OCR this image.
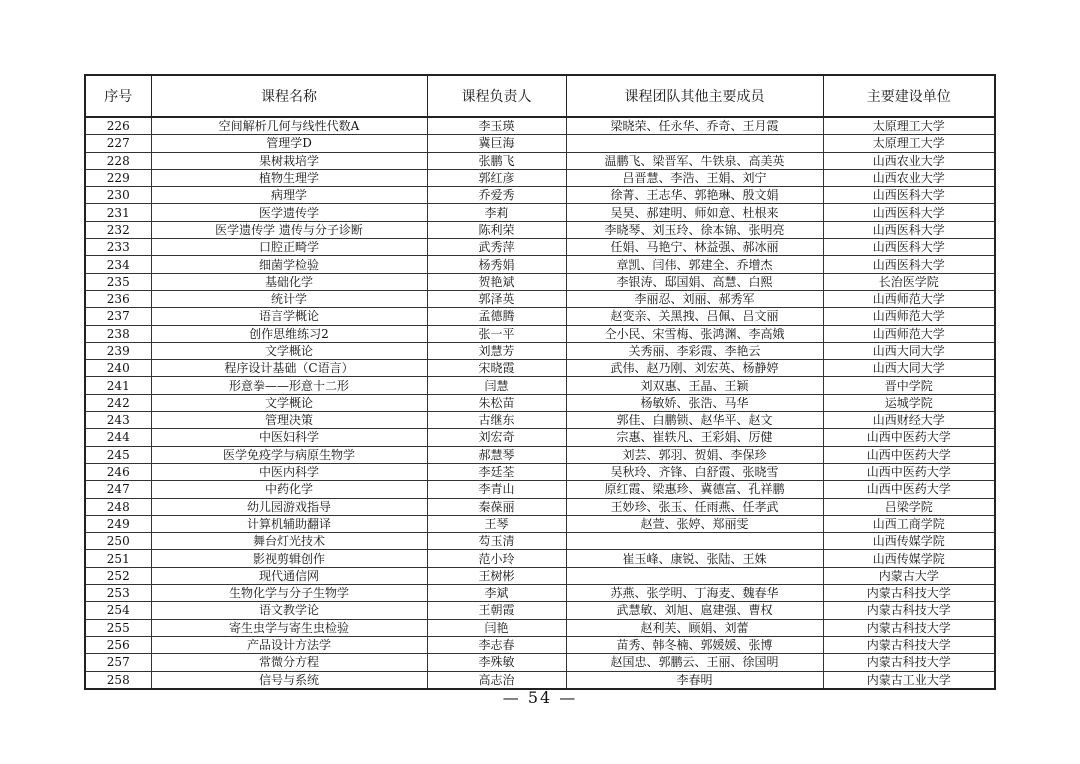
序号	课程名称	课程负责人	课程团队其他主要成员	主要建设单位
226	空间解析几何与线性代数A	李玉瑛	梁晓荣、任永华、乔奇、王月霞	太原理工大学
227	管理学D	冀巨海		太原理工大学
228	果树栽培学	张鹏飞	温鹏飞、梁晋军、牛铁泉、高美英	山西农业大学
229	植物生理学	郭红彦	吕晋慧、李浩、王娟、刘宁	山西农业大学
230	病理学	乔爱秀	徐菁、王志华、郭艳琳、殷文娟	山西医科大学
231	医学遗传学	李莉	吴昊、郝建明、师如意、杜根来	山西医科大学
232	医学遗传学 遗传与分子诊断	陈利荣	李晓琴、刘玉玲、徐本锦、张明亮	山西医科大学
233	口腔正畸学	武秀萍	任娟、马艳宁、林益强、郝冰丽	山西医科大学
234	细菌学检验	杨秀娟	章凯、闫伟、郭建全、乔增杰	山西医科大学
235	基础化学	贺艳斌	李银涛、邸国娟、高慧、白熙	长治医学院
236	统计学	郭泽英	李丽忍、刘丽、郝秀军	山西师范大学
237	语言学概论	孟德腾	赵变亲、关黑拽、吕佩、吕文丽	山西师范大学
238	创作思维练习2	张一平	仝小民、宋雪梅、张鸿渊、李高娥	山西师范大学
239	文学概论	刘慧芳	关秀丽、李彩霞、李艳云	山西大同大学
240	程序设计基础（C语言）	宋晓霞	武伟、赵乃刚、刘宏英、杨静婷	山西大同大学
241	形意拳——形意十二形	闫慧	刘双惠、王晶、王颖	晋中学院
242	文学概论	朱松苗	杨敏娇、张浩、马华	运城学院
243	管理决策	古继东	郭佳、白鹏锁、赵华平、赵文	山西财经大学
244	中医妇科学	刘宏奇	宗惠、崔轶凡、王彩娟、厉健	山西中医药大学
245	医学免疫学与病原生物学	郝慧琴	刘芸、郭羽、贺娟、李保珍	山西中医药大学
246	中医内科学	李廷荃	吴秋玲、齐锋、白舒霞、张晓雪	山西中医药大学
247	中药化学	李青山	原红霞、梁惠珍、冀德富、孔祥鹏	山西中医药大学
248	幼儿园游戏指导	秦葆丽	王妙珍、张玉、任雨燕、任孝武	吕梁学院
249	计算机辅助翻译	王琴	赵萱、张婷、郑丽雯	山西工商学院
250	舞台灯光技术	芶玉清		山西传媒学院
251	影视剪辑创作	范小玲	崔玉峰、康锐、张陆、王姝	山西传媒学院
252	现代通信网	王树彬		内蒙古大学
253	生物化学与分子生物学	李斌	苏燕、张学明、丁海麦、魏春华	内蒙古科技大学
254	语文教学论	王朝霞	武慧敏、刘旭、扈建强、曹权	内蒙古科技大学
255	寄生虫学与寄生虫检验	闫艳	赵利芙、顾娟、刘蕾	内蒙古科技大学
256	产品设计方法学	李志春	苗秀、韩冬楠、郭媛媛、张博	内蒙古科技大学
257	常微分方程	李殊敏	赵国忠、郭鹏云、王丽、徐国明	内蒙古科技大学
258	信号与系统	高志治	李春明	内蒙古工业大学
— 54 —
